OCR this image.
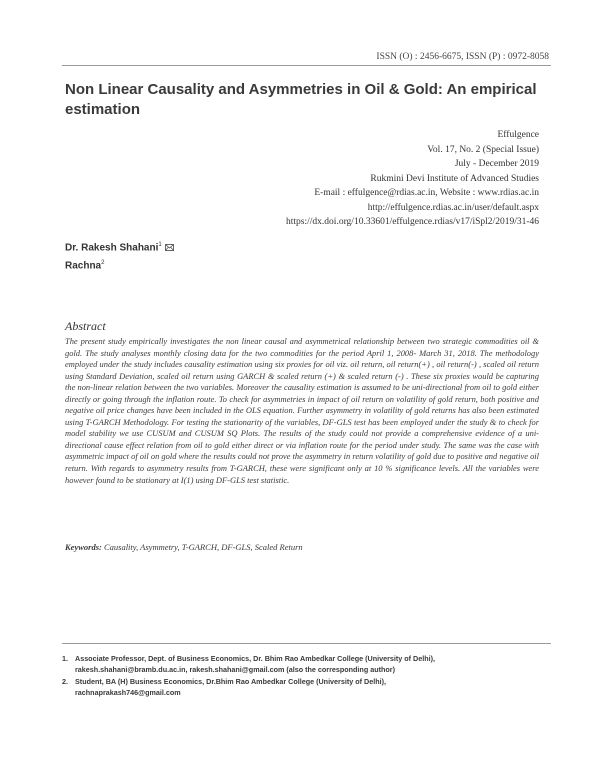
ISSN (O) : 2456-6675, ISSN (P) : 0972-8058
Non Linear Causality and Asymmetries in Oil & Gold: An empirical estimation
Effulgence
Vol. 17, No. 2 (Special Issue)
July - December 2019
Rukmini Devi Institute of Advanced Studies
E-mail : effulgence@rdias.ac.in, Website : www.rdias.ac.in
http://effulgence.rdias.ac.in/user/default.aspx
https://dx.doi.org/10.33601/effulgence.rdias/v17/iSpl2/2019/31-46
Dr. Rakesh Shahani$^1$
Rachna$^2$
Abstract

The present study empirically investigates the non linear causal and asymmetrical relationship between two strategic commodities oil & gold. The study analyses monthly closing data for the two commodities for the period April 1, 2008- March 31, 2018. The methodology employed under the study includes causality estimation using six proxies for oil viz. oil return, oil return(+) , oil return(-) , scaled oil return using Standard Deviation, scaled oil return using GARCH & scaled return (+) & scaled return (-) . These six proxies would be capturing the non-linear relation between the two variables. Moreover the causality estimation is assumed to be uni-directional from oil to gold either directly or going through the inflation route. To check for asymmetries in impact of oil return on volatility of gold return, both positive and negative oil price changes have been included in the OLS equation. Further asymmetry in volatility of gold returns has also been estimated using T-GARCH Methodology. For testing the stationarity of the variables, DF-GLS test has been employed under the study & to check for model stability we use CUSUM and CUSUM SQ Plots. The results of the study could not provide a comprehensive evidence of a uni-directional cause effect relation from oil to gold either direct or via inflation route for the period under study. The same was the case with asymmetric impact of oil on gold where the results could not prove the asymmetry in return volatility of gold due to positive and negative oil return. With regards to asymmetry results from T-GARCH, these were significant only at 10 % significance levels. All the variables were however found to be stationary at I(1) using DF-GLS test statistic.

Keywords: Causality, Asymmetry, T-GARCH, DF-GLS, Scaled Return
1. Associate Professor, Dept. of Business Economics, Dr. Bhim Rao Ambedkar College (University of Delhi),
rakesh.shahani@bramb.du.ac.in, rakesh.shahani@gmail.com (also the corresponding author)
2. Student, BA (H) Business Economics, Dr.Bhim Rao Ambedkar College (University of Delhi),
rachnaprakash746@gmail.com
